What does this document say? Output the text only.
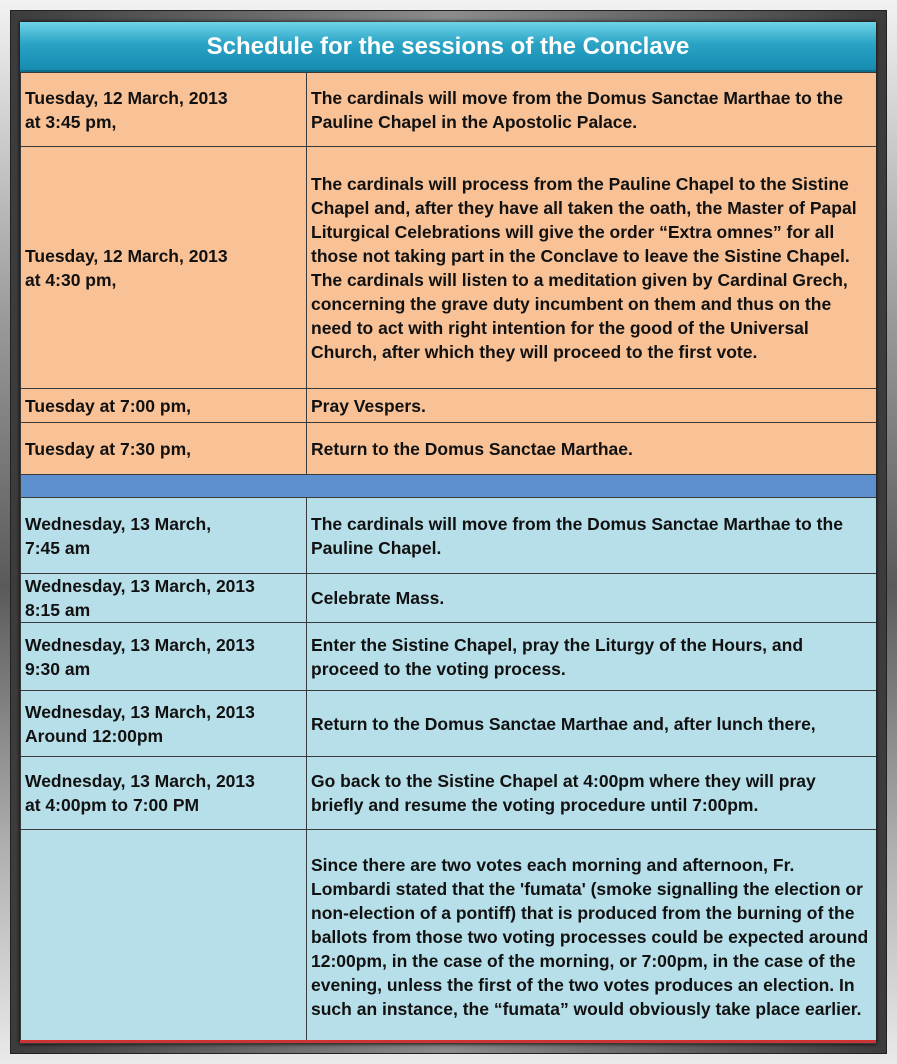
Schedule for the sessions of the Conclave
Tuesday, 12 March, 2013
at 3:45 pm,	The cardinals will move from the Domus Sanctae Marthae to the Pauline Chapel in the Apostolic Palace.
Tuesday, 12 March, 2013
at 4:30 pm,	The cardinals will process from the Pauline Chapel to the Sistine Chapel and, after they have all taken the oath, the Master of Papal Liturgical Celebrations will give the order “Extra omnes” for all those not taking part in the Conclave to leave the Sistine Chapel. The cardinals will listen to a meditation given by Cardinal Grech, concerning the grave duty incumbent on them and thus on the need to act with right intention for the good of the Universal Church, after which they will proceed to the first vote.
Tuesday at 7:00 pm,	Pray Vespers.
Tuesday at 7:30 pm,	Return to the Domus Sanctae Marthae.

Wednesday, 13 March,
7:45 am	The cardinals will move from the Domus Sanctae Marthae to the Pauline Chapel.
Wednesday, 13 March, 2013
8:15 am	Celebrate Mass.
Wednesday, 13 March, 2013
9:30 am	Enter the Sistine Chapel, pray the Liturgy of the Hours, and proceed to the voting process.
Wednesday, 13 March, 2013
Around 12:00pm	Return to the Domus Sanctae Marthae and, after lunch there,
Wednesday, 13 March, 2013
at 4:00pm to 7:00 PM	Go back to the Sistine Chapel at 4:00pm where they will pray briefly and resume the voting procedure until 7:00pm.
	Since there are two votes each morning and afternoon, Fr. Lombardi stated that the 'fumata' (smoke signalling the election or non-election of a pontiff) that is produced from the burning of the ballots from those two voting processes could be expected around 12:00pm, in the case of the morning, or 7:00pm, in the case of the evening, unless the first of the two votes produces an election. In such an instance, the “fumata” would obviously take place earlier.
